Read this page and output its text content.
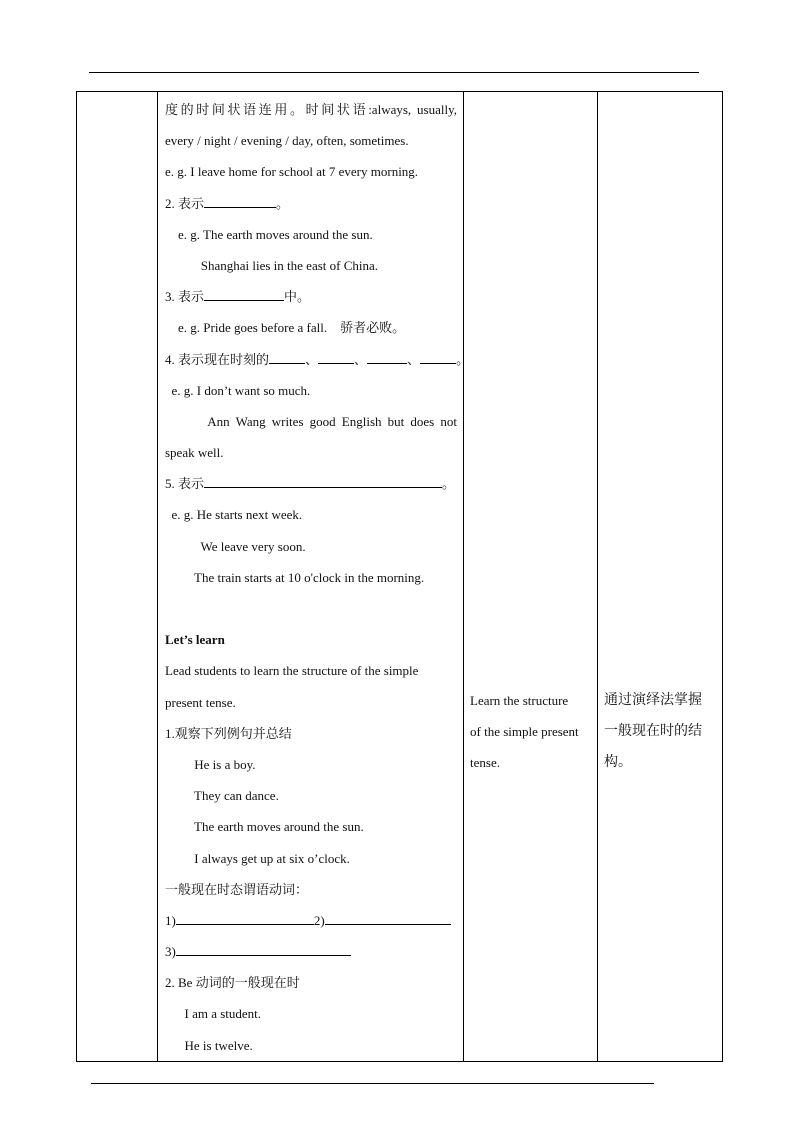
度的时间状语连用。时间状语:always, usually,
every / night / evening / day, often, sometimes.
e. g. I leave home for school at 7 every morning.
2. 表示	。
e. g. The earth moves around the sun.
Shanghai lies in the east of China.
3. 表示	中。
e. g. Pride goes before a fall.    骄者必败。
4. 表示现在时刻的	、	、	、	。
e. g. I don’t want so much.
Ann Wang writes good English but does not
speak well.
5. 表示	。
e. g. He starts next week.
We leave very soon.
The train starts at 10 o'clock in the morning.
Let’s learn
Lead students to learn the structure of the simple
present tense.
1.观察下列例句并总结
He is a boy.
They can dance.
The earth moves around the sun.
I always get up at six o’clock.
一般现在时态谓语动词：
1)	2)
3)
2. Be 动词的一般现在时
I am a student.
He is twelve.

Learn the structure
of the simple present
tense.

通过演绎法掌握
一般现在时的结
构。
